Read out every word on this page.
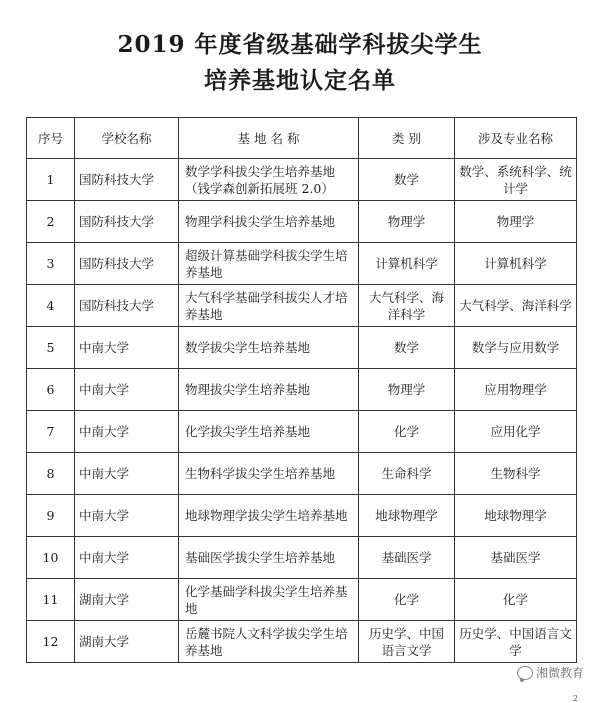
2019 年度省级基础学科拔尖学生
培养基地认定名单
序号	学校名称	基 地 名 称	类 别	涉及专业名称
1	国防科技大学	数学学科拔尖学生培养基地（钱学森创新拓展班 2.0）	数学	数学、系统科学、统计学
2	国防科技大学	物理学科拔尖学生培养基地	物理学	物理学
3	国防科技大学	超级计算基础学科拔尖学生培养基地	计算机科学	计算机科学
4	国防科技大学	大气科学基础学科拔尖人才培养基地	大气科学、海洋科学	大气科学、海洋科学
5	中南大学	数学拔尖学生培养基地	数学	数学与应用数学
6	中南大学	物理拔尖学生培养基地	物理学	应用物理学
7	中南大学	化学拔尖学生培养基地	化学	应用化学
8	中南大学	生物科学拔尖学生培养基地	生命科学	生物科学
9	中南大学	地球物理学拔尖学生培养基地	地球物理学	地球物理学
10	中南大学	基础医学拔尖学生培养基地	基础医学	基础医学
11	湖南大学	化学基础学科拔尖学生培养基地	化学	化学
12	湖南大学	岳麓书院人文科学拔尖学生培养基地	历史学、中国语言文学	历史学、中国语言文学
湘微教育
2
